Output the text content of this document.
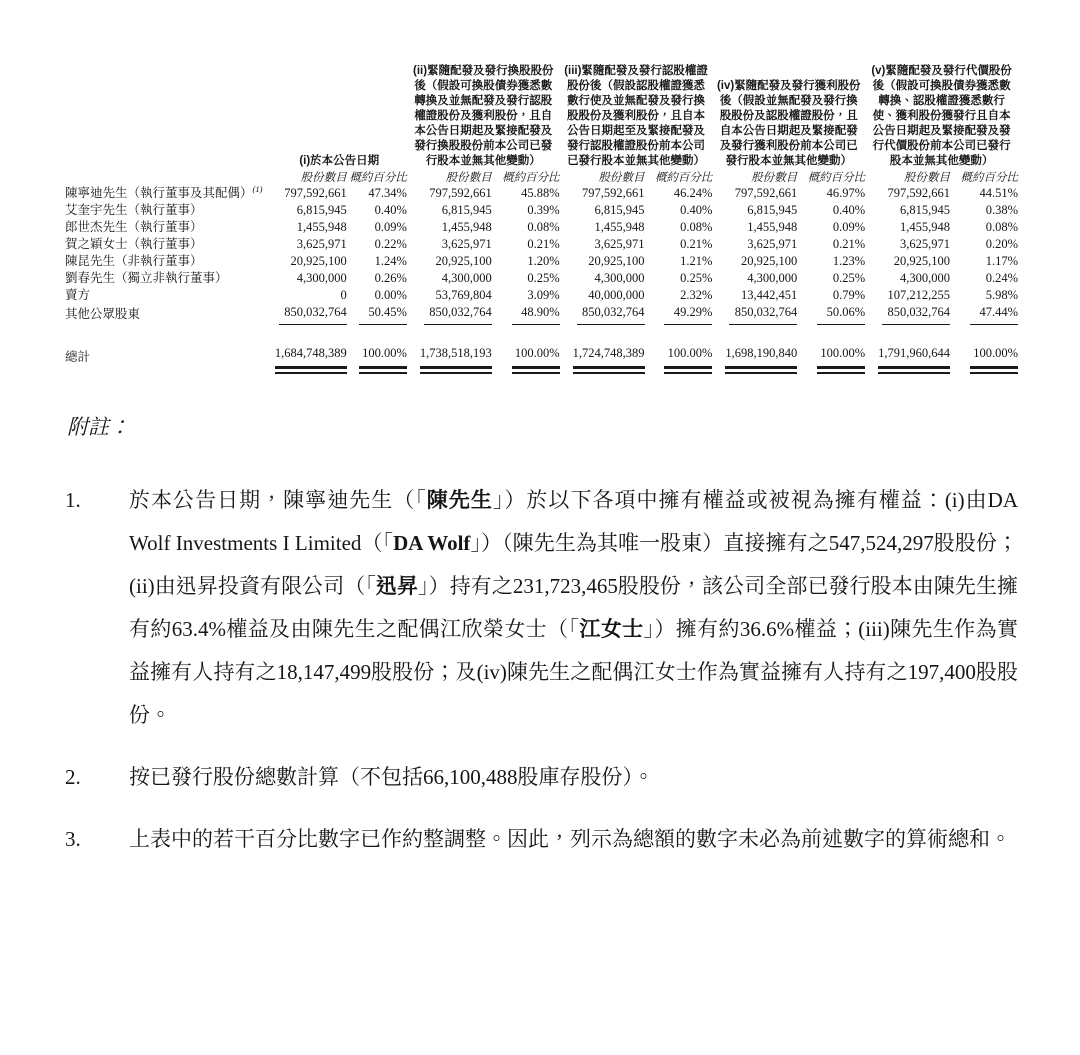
	(i)於本公告日期		(ii)緊隨配發及發行換股股份後（假設可換股債券獲悉數轉換及並無配發及發行認股權證股份及獲利股份，且自本公告日期起及緊接配發及發行換股股份前本公司已發行股本並無其他變動）		(iii)緊隨配發及發行認股權證股份後（假設認股權證獲悉數行使及並無配發及發行換股股份及獲利股份，且自本公告日期起至及緊接配發及發行認股權證股份前本公司已發行股本並無其他變動）		(iv)緊隨配發及發行獲利股份後（假設並無配發及發行換股股份及認股權證股份，且自本公告日期起及緊接配發及發行獲利股份前本公司已發行股本並無其他變動）		(v)緊隨配發及發行代價股份後（假設可換股債券獲悉數轉換、認股權證獲悉數行使、獲利股份獲發行且自本公告日期起及緊接配發及發行代價股份前本公司已發行股本並無其他變動）	

	股份數目	概約百分比	股份數目	概約百分比	股份數目	概約百分比	股份數目	概約百分比	股份數目	概約百分比
陳寧迪先生（執行董事及其配偶）$^{(1)}$	797,592,661	47.34%	797,592,661	45.88%	797,592,661	46.24%	797,592,661	46.97%	797,592,661	44.51%
艾奎宇先生（執行董事）	6,815,945	0.40%	6,815,945	0.39%	6,815,945	0.40%	6,815,945	0.40%	6,815,945	0.38%
郎世杰先生（執行董事）	1,455,948	0.09%	1,455,948	0.08%	1,455,948	0.08%	1,455,948	0.09%	1,455,948	0.08%
賀之穎女士（執行董事）	3,625,971	0.22%	3,625,971	0.21%	3,625,971	0.21%	3,625,971	0.21%	3,625,971	0.20%
陳昆先生（非執行董事）	20,925,100	1.24%	20,925,100	1.20%	20,925,100	1.21%	20,925,100	1.23%	20,925,100	1.17%
劉春先生（獨立非執行董事）	4,300,000	0.26%	4,300,000	0.25%	4,300,000	0.25%	4,300,000	0.25%	4,300,000	0.24%
賣方	0	0.00%	53,769,804	3.09%	40,000,000	2.32%	13,442,451	0.79%	107,212,255	5.98%
其他公眾股東	850,032,764	50.45%	850,032,764	48.90%	850,032,764	49.29%	850,032,764	50.06%	850,032,764	47.44%
總計	1,684,748,389	100.00%	1,738,518,193	100.00%	1,724,748,389	100.00%	1,698,190,840	100.00%	1,791,960,644	100.00%
附註：
1.	於本公告日期，陳寧迪先生（「陳先生」）於以下各項中擁有權益或被視為擁有權益：(i)由DA Wolf Investments I Limited（「DA Wolf」）（陳先生為其唯一股東）直接擁有之547,524,297股股份；(ii)由迅昇投資有限公司（「迅昇」）持有之231,723,465股股份，該公司全部已發行股本由陳先生擁有約63.4%權益及由陳先生之配偶江欣榮女士（「江女士」）擁有約36.6%權益；(iii)陳先生作為實益擁有人持有之18,147,499股股份；及(iv)陳先生之配偶江女士作為實益擁有人持有之197,400股股份。
2.	按已發行股份總數計算（不包括66,100,488股庫存股份）。
3.	上表中的若干百分比數字已作約整調整。因此，列示為總額的數字未必為前述數字的算術總和。
